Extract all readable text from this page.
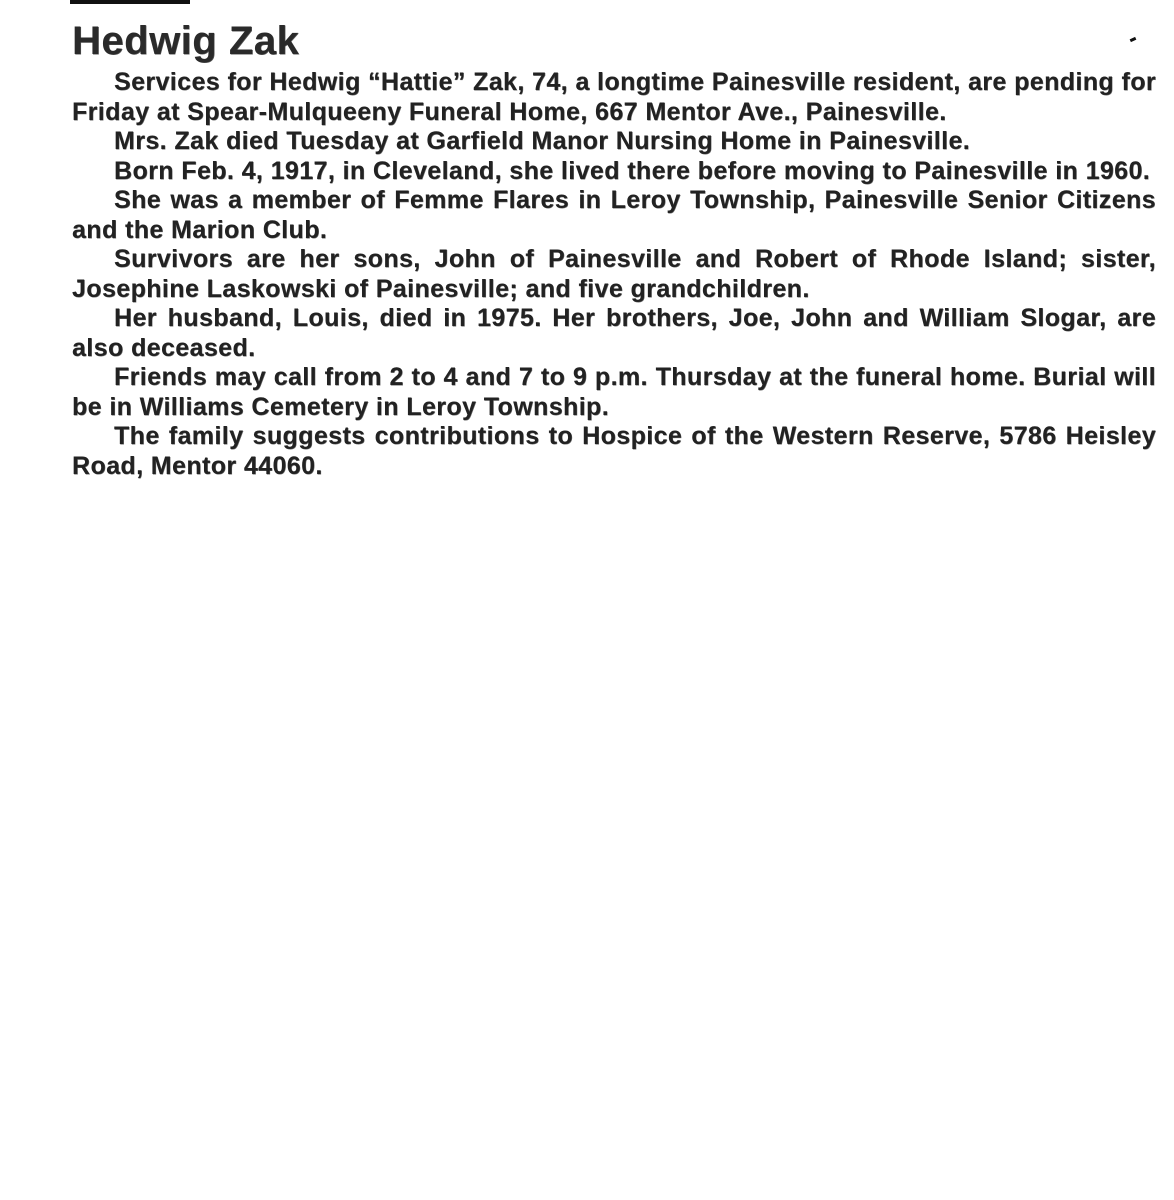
Hedwig Zak

Services for Hedwig “Hattie” Zak, 74, a longtime Painesville resident, are pending for Friday at Spear-Mulqueeny Funeral Home, 667 Mentor Ave., Painesville.

Mrs. Zak died Tuesday at Garfield Manor Nursing Home in Painesville.

Born Feb. 4, 1917, in Cleveland, she lived there before moving to Painesville in 1960.

She was a member of Femme Flares in Leroy Township, Painesville Senior Citizens and the Marion Club.

Survivors are her sons, John of Painesville and Robert of Rhode Island; sister, Josephine Laskowski of Painesville; and five grandchildren.

Her husband, Louis, died in 1975. Her brothers, Joe, John and William Slogar, are also deceased.

Friends may call from 2 to 4 and 7 to 9 p.m. Thursday at the funeral home. Burial will be in Williams Cemetery in Leroy Township.

The family suggests contributions to Hospice of the Western Reserve, 5786 Heisley Road, Mentor 44060.
